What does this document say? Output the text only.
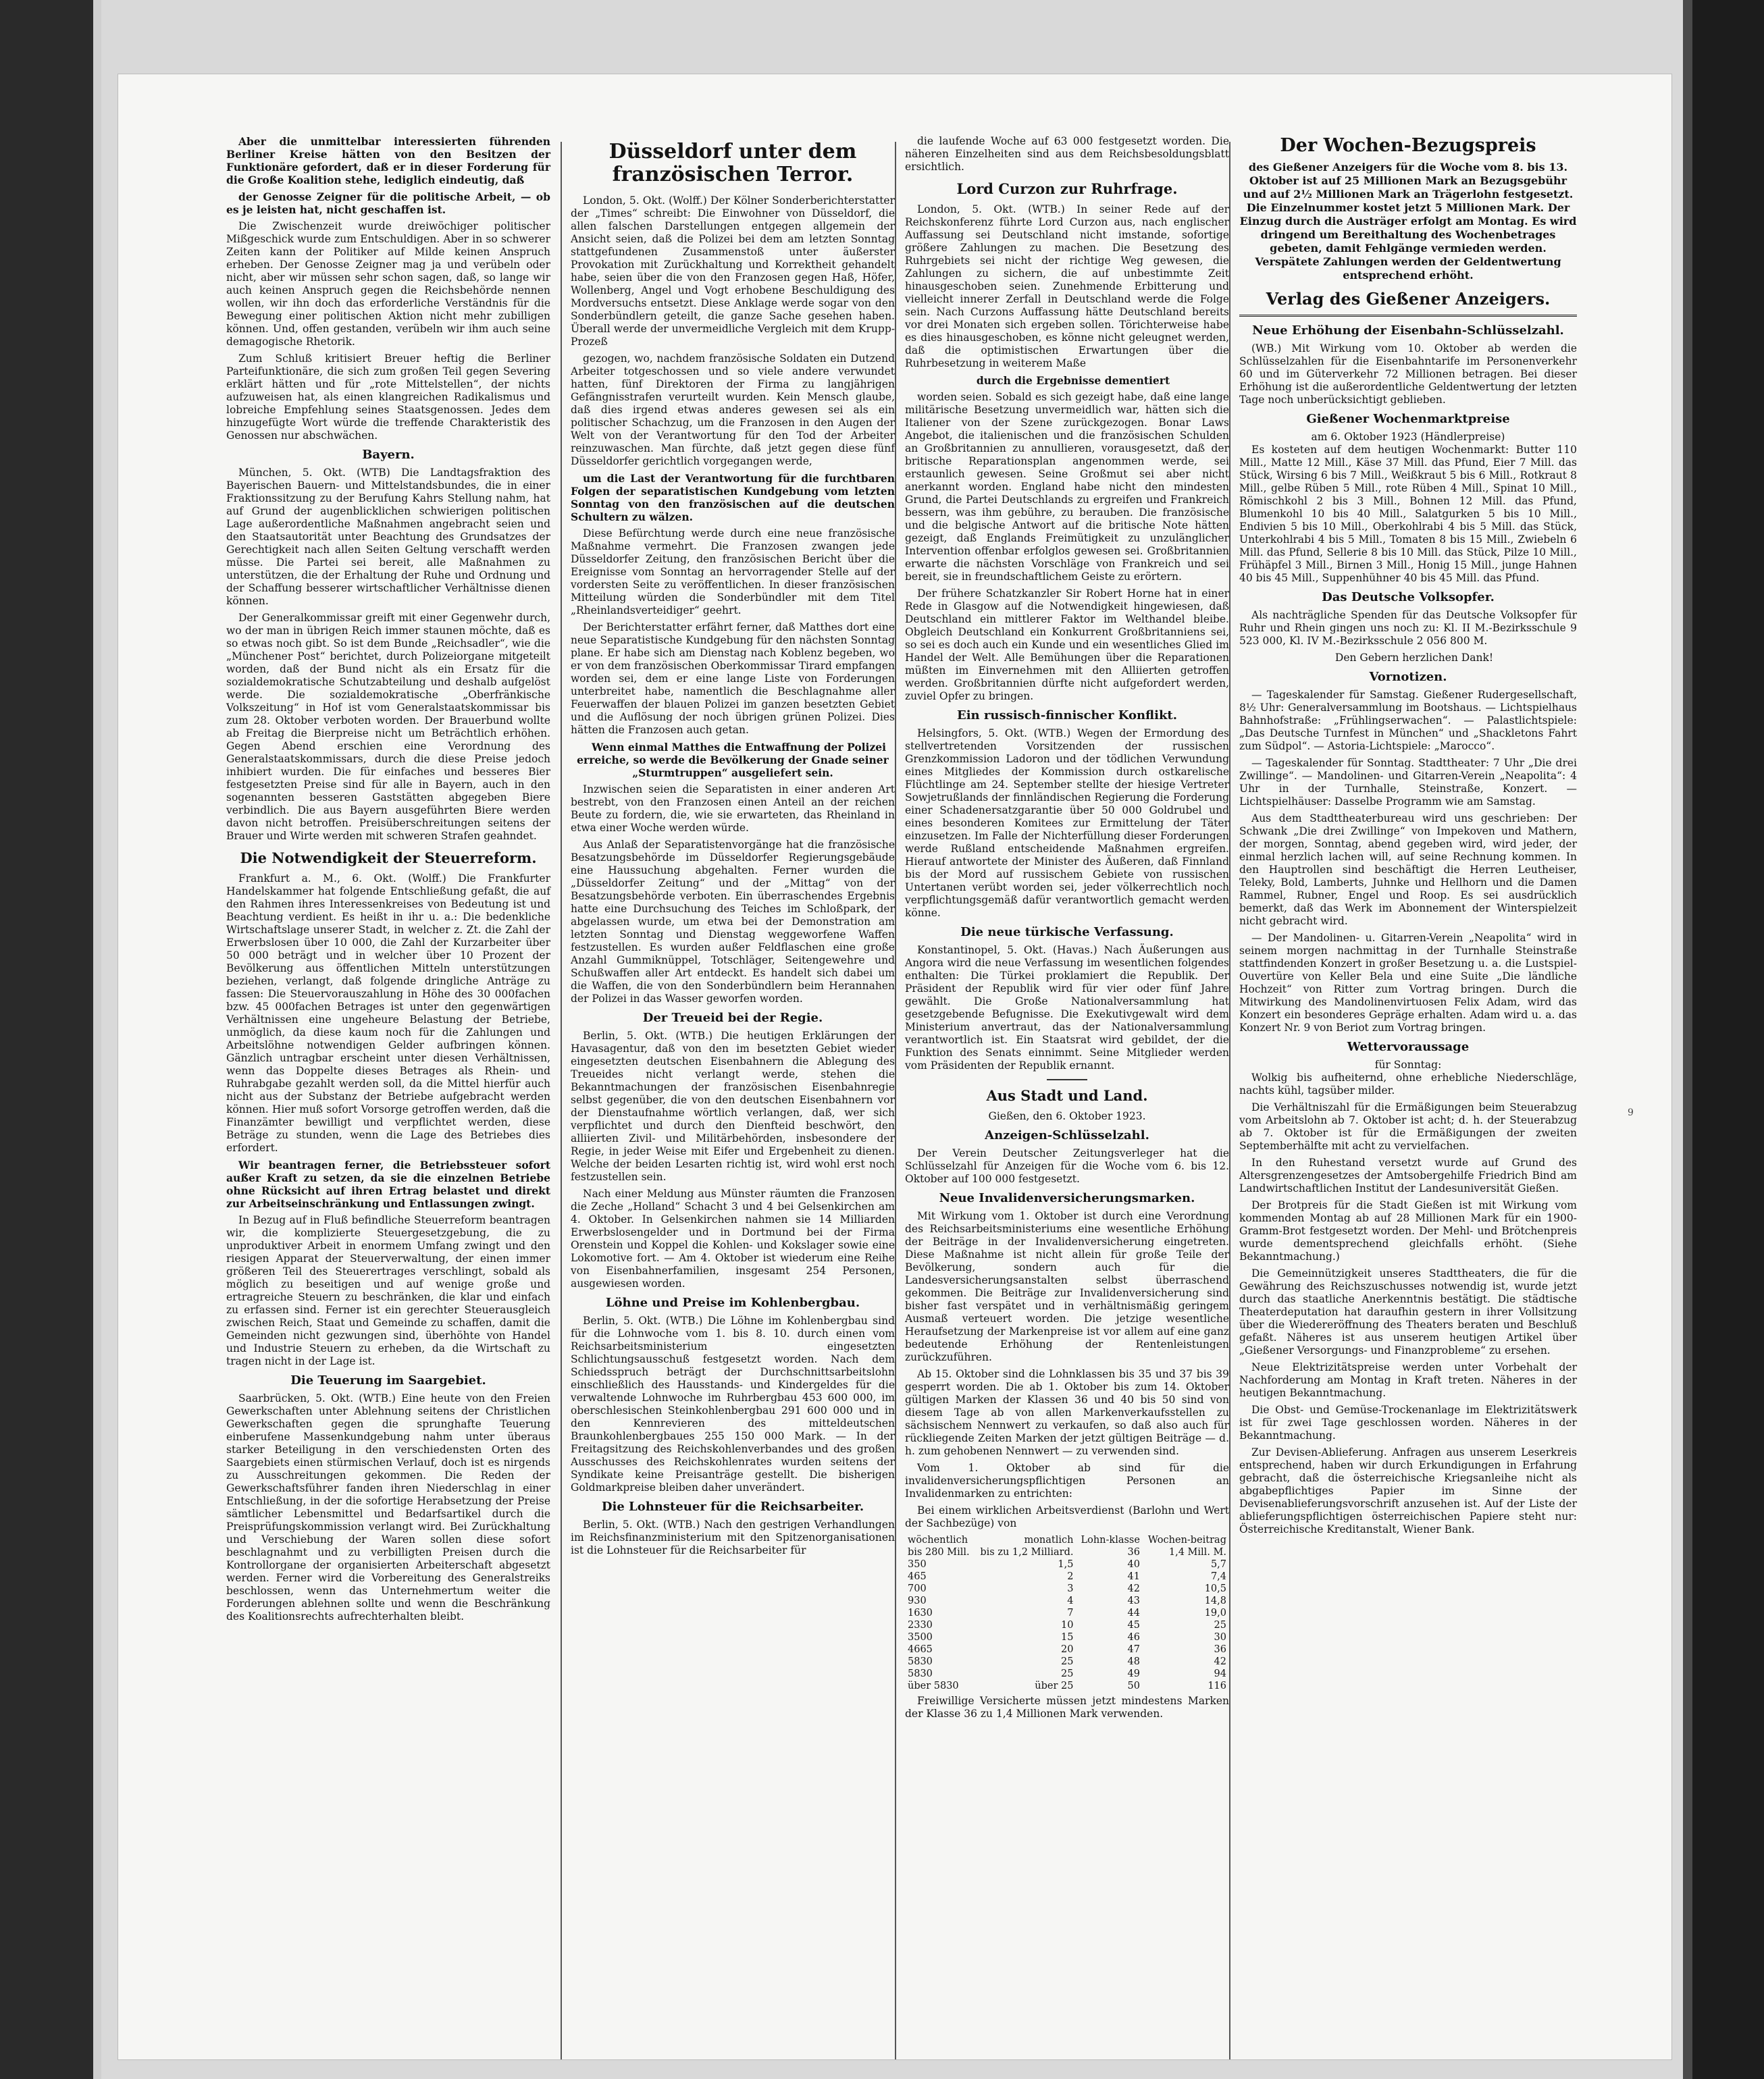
Aber die unmittelbar interessierten führenden Berliner Kreise hätten von den Besitzen der Funktionäre gefordert, daß er in dieser Forderung für die Große Koalition stehe, lediglich eindeutig, daß

der Genosse Zeigner für die politische Arbeit, — ob es je leisten hat, nicht geschaffen ist.

Die Zwischenzeit wurde dreiwöchiger politischer Mißgeschick wurde zum Entschuldigen. Aber in so schwerer Zeiten kann der Politiker auf Milde keinen Anspruch erheben. Der Genosse Zeigner mag ja und verübeln oder nicht, aber wir müssen sehr schon sagen, daß, so lange wir auch keinen Anspruch gegen die Reichsbehörde nennen wollen, wir ihn doch das erforderliche Verständnis für die Bewegung einer politischen Aktion nicht mehr zubilligen können. Und, offen gestanden, verübeln wir ihm auch seine demagogische Rhetorik.

Zum Schluß kritisiert Breuer heftig die Berliner Parteifunktionäre, die sich zum großen Teil gegen Severing erklärt hätten und für „rote Mittelstellen“, der nichts aufzuweisen hat, als einen klangreichen Radikalismus und lobreiche Empfehlung seines Staatsgenossen. Jedes dem hinzugefügte Wort würde die treffende Charakteristik des Genossen nur abschwächen.

Bayern.

München, 5. Okt. (WTB) Die Landtagsfraktion des Bayerischen Bauern- und Mittelstandsbundes, die in einer Fraktionssitzung zu der Berufung Kahrs Stellung nahm, hat auf Grund der augenblicklichen schwierigen politischen Lage außerordentliche Maßnahmen angebracht seien und den Staatsautorität unter Beachtung des Grundsatzes der Gerechtigkeit nach allen Seiten Geltung verschafft werden müsse. Die Partei sei bereit, alle Maßnahmen zu unterstützen, die der Erhaltung der Ruhe und Ordnung und der Schaffung besserer wirtschaftlicher Verhältnisse dienen können.

Der Generalkommissar greift mit einer Gegenwehr durch, wo der man in übrigen Reich immer staunen möchte, daß es so etwas noch gibt. So ist dem Bunde „Reichsadler“, wie die „Münchener Post“ berichtet, durch Polizeiorgane mitgeteilt worden, daß der Bund nicht als ein Ersatz für die sozialdemokratische Schutzabteilung und deshalb aufgelöst werde. Die sozialdemokratische „Oberfränkische Volkszeitung“ in Hof ist vom Generalstaatskommissar bis zum 28. Oktober verboten worden. Der Brauerbund wollte ab Freitag die Bierpreise nicht um Beträchtlich erhöhen. Gegen Abend erschien eine Verordnung des Generalstaatskommissars, durch die diese Preise jedoch inhibiert wurden. Die für einfaches und besseres Bier festgesetzten Preise sind für alle in Bayern, auch in den sogenannten besseren Gaststätten abgegeben Biere verbindlich. Die aus Bayern ausgeführten Biere werden davon nicht betroffen. Preisüberschreitungen seitens der Brauer und Wirte werden mit schweren Strafen geahndet.

Die Notwendigkeit der Steuerreform.

Frankfurt a. M., 6. Okt. (Wolff.) Die Frankfurter Handelskammer hat folgende Entschließung gefaßt, die auf den Rahmen ihres Interessenkreises von Bedeutung ist und Beachtung verdient. Es heißt in ihr u. a.: Die bedenkliche Wirtschaftslage unserer Stadt, in welcher z. Zt. die Zahl der Erwerbslosen über 10 000, die Zahl der Kurzarbeiter über 50 000 beträgt und in welcher über 10 Prozent der Bevölkerung aus öffentlichen Mitteln unterstützungen beziehen, verlangt, daß folgende dringliche Anträge zu fassen: Die Steuervorauszahlung in Höhe des 30 000fachen bzw. 45 000fachen Betrages ist unter den gegenwärtigen Verhältnissen eine ungeheure Belastung der Betriebe, unmöglich, da diese kaum noch für die Zahlungen und Arbeitslöhne notwendigen Gelder aufbringen können. Gänzlich untragbar erscheint unter diesen Verhältnissen, wenn das Doppelte dieses Betrages als Rhein- und Ruhrabgabe gezahlt werden soll, da die Mittel hierfür auch nicht aus der Substanz der Betriebe aufgebracht werden können. Hier muß sofort Vorsorge getroffen werden, daß die Finanzämter bewilligt und verpflichtet werden, diese Beträge zu stunden, wenn die Lage des Betriebes dies erfordert.

Wir beantragen ferner, die Betriebssteuer sofort außer Kraft zu setzen, da sie die einzelnen Betriebe ohne Rücksicht auf ihren Ertrag belastet und direkt zur Arbeitseinschränkung und Entlassungen zwingt.

In Bezug auf in Fluß befindliche Steuerreform beantragen wir, die komplizierte Steuergesetzgebung, die zu unproduktiver Arbeit in enormem Umfang zwingt und den riesigen Apparat der Steuerverwaltung, der einen immer größeren Teil des Steuerertrages verschlingt, sobald als möglich zu beseitigen und auf wenige große und ertragreiche Steuern zu beschränken, die klar und einfach zu erfassen sind. Ferner ist ein gerechter Steuerausgleich zwischen Reich, Staat und Gemeinde zu schaffen, damit die Gemeinden nicht gezwungen sind, überhöhte von Handel und Industrie Steuern zu erheben, da die Wirtschaft zu tragen nicht in der Lage ist.

Die Teuerung im Saargebiet.

Saarbrücken, 5. Okt. (WTB.) Eine heute von den Freien Gewerkschaften unter Ablehnung seitens der Christlichen Gewerkschaften gegen die sprunghafte Teuerung einberufene Massenkundgebung nahm unter überaus starker Beteiligung in den verschiedensten Orten des Saargebiets einen stürmischen Verlauf, doch ist es nirgends zu Ausschreitungen gekommen. Die Reden der Gewerkschaftsführer fanden ihren Niederschlag in einer Entschließung, in der die sofortige Herabsetzung der Preise sämtlicher Lebensmittel und Bedarfsartikel durch die Preisprüfungskommission verlangt wird. Bei Zurückhaltung und Verschiebung der Waren sollen diese sofort beschlagnahmt und zu verbilligten Preisen durch die Kontrollorgane der organisierten Arbeiterschaft abgesetzt werden. Ferner wird die Vorbereitung des Generalstreiks beschlossen, wenn das Unternehmertum weiter die Forderungen ablehnen sollte und wenn die Beschränkung des Koalitionsrechts aufrechterhalten bleibt.

Düsseldorf unter dem französischen Terror.

London, 5. Okt. (Wolff.) Der Kölner Sonderberichterstatter der „Times“ schreibt: Die Einwohner von Düsseldorf, die allen falschen Darstellungen entgegen allgemein der Ansicht seien, daß die Polizei bei dem am letzten Sonntag stattgefundenen Zusammenstoß unter äußerster Provokation mit Zurückhaltung und Korrektheit gehandelt habe, seien über die von den Franzosen gegen Haß, Höfer, Wollenberg, Angel und Vogt erhobene Beschuldigung des Mordversuchs entsetzt. Diese Anklage werde sogar von den Sonderbündlern geteilt, die ganze Sache gesehen haben. Überall werde der unvermeidliche Vergleich mit dem Krupp-Prozeß

gezogen, wo, nachdem französische Soldaten ein Dutzend Arbeiter totgeschossen und so viele andere verwundet hatten, fünf Direktoren der Firma zu langjährigen Gefängnisstrafen verurteilt wurden. Kein Mensch glaube, daß dies irgend etwas anderes gewesen sei als ein politischer Schachzug, um die Franzosen in den Augen der Welt von der Verantwortung für den Tod der Arbeiter reinzuwaschen. Man fürchte, daß jetzt gegen diese fünf Düsseldorfer gerichtlich vorgegangen werde,

um die Last der Verantwortung für die furchtbaren Folgen der separatistischen Kundgebung vom letzten Sonntag von den französischen auf die deutschen Schultern zu wälzen.

Diese Befürchtung werde durch eine neue französische Maßnahme vermehrt. Die Franzosen zwangen jede Düsseldorfer Zeitung, den französischen Bericht über die Ereignisse vom Sonntag an hervorragender Stelle auf der vordersten Seite zu veröffentlichen. In dieser französischen Mitteilung würden die Sonderbündler mit dem Titel „Rheinlandsverteidiger“ geehrt.

Der Berichterstatter erfährt ferner, daß Matthes dort eine neue Separatistische Kundgebung für den nächsten Sonntag plane. Er habe sich am Dienstag nach Koblenz begeben, wo er von dem französischen Oberkommissar Tirard empfangen worden sei, dem er eine lange Liste von Forderungen unterbreitet habe, namentlich die Beschlagnahme aller Feuerwaffen der blauen Polizei im ganzen besetzten Gebiet und die Auflösung der noch übrigen grünen Polizei. Dies hätten die Franzosen auch getan.

Wenn einmal Matthes die Entwaffnung der Polizei erreiche, so werde die Bevölkerung der Gnade seiner „Sturmtruppen“ ausgeliefert sein.

Inzwischen seien die Separatisten in einer anderen Art bestrebt, von den Franzosen einen Anteil an der reichen Beute zu fordern, die, wie sie erwarteten, das Rheinland in etwa einer Woche werden würde.

Aus Anlaß der Separatistenvorgänge hat die französische Besatzungsbehörde im Düsseldorfer Regierungsgebäude eine Haussuchung abgehalten. Ferner wurden die „Düsseldorfer Zeitung“ und der „Mittag“ von der Besatzungsbehörde verboten. Ein überraschendes Ergebnis hatte eine Durchsuchung des Teiches im Schloßpark, der abgelassen wurde, um etwa bei der Demonstration am letzten Sonntag und Dienstag weggeworfene Waffen festzustellen. Es wurden außer Feldflaschen eine große Anzahl Gummiknüppel, Totschläger, Seitengewehre und Schußwaffen aller Art entdeckt. Es handelt sich dabei um die Waffen, die von den Sonderbündlern beim Herannahen der Polizei in das Wasser geworfen worden.

Der Treueid bei der Regie.

Berlin, 5. Okt. (WTB.) Die heutigen Erklärungen der Havasagentur, daß von den im besetzten Gebiet wieder eingesetzten deutschen Eisenbahnern die Ablegung des Treueides nicht verlangt werde, stehen die Bekanntmachungen der französischen Eisenbahnregie selbst gegenüber, die von den deutschen Eisenbahnern vor der Dienstaufnahme wörtlich verlangen, daß, wer sich verpflichtet und durch den Dienfteid beschwört, den alliierten Zivil- und Militärbehörden, insbesondere der Regie, in jeder Weise mit Eifer und Ergebenheit zu dienen. Welche der beiden Lesarten richtig ist, wird wohl erst noch festzustellen sein.

Nach einer Meldung aus Münster räumten die Franzosen die Zeche „Holland“ Schacht 3 und 4 bei Gelsenkirchen am 4. Oktober. In Gelsenkirchen nahmen sie 14 Milliarden Erwerbslosengelder und in Dortmund bei der Firma Orenstein und Koppel die Kohlen- und Kokslager sowie eine Lokomotive fort. — Am 4. Oktober ist wiederum eine Reihe von Eisenbahnerfamilien, insgesamt 254 Personen, ausgewiesen worden.

Löhne und Preise im Kohlenbergbau.

Berlin, 5. Okt. (WTB.) Die Löhne im Kohlenbergbau sind für die Lohnwoche vom 1. bis 8. 10. durch einen vom Reichsarbeitsministerium eingesetzten Schlichtungsausschuß festgesetzt worden. Nach dem Schiedsspruch beträgt der Durchschnittsarbeitslohn einschließlich des Hausstands- und Kindergeldes für die verwaltende Lohnwoche im Ruhrbergbau 453 600 000, im oberschlesischen Steinkohlenbergbau 291 600 000 und in den Kennrevieren des mitteldeutschen Braunkohlenbergbaues 255 150 000 Mark. — In der Freitagsitzung des Reichskohlenverbandes und des großen Ausschusses des Reichskohlenrates wurden seitens der Syndikate keine Preisanträge gestellt. Die bisherigen Goldmarkpreise bleiben daher unverändert.

Die Lohnsteuer für die Reichsarbeiter.

Berlin, 5. Okt. (WTB.) Nach den gestrigen Verhandlungen im Reichsfinanzministerium mit den Spitzenorganisationen ist die Lohnsteuer für die Reichsarbeiter für

die laufende Woche auf 63 000 festgesetzt worden. Die näheren Einzelheiten sind aus dem Reichsbesoldungsblatt ersichtlich.

Lord Curzon zur Ruhrfrage.

London, 5. Okt. (WTB.) In seiner Rede auf der Reichskonferenz führte Lord Curzon aus, nach englischer Auffassung sei Deutschland nicht imstande, sofortige größere Zahlungen zu machen. Die Besetzung des Ruhrgebiets sei nicht der richtige Weg gewesen, die Zahlungen zu sichern, die auf unbestimmte Zeit hinausgeschoben seien. Zunehmende Erbitterung und vielleicht innerer Zerfall in Deutschland werde die Folge sein. Nach Curzons Auffassung hätte Deutschland bereits vor drei Monaten sich ergeben sollen. Törichterweise habe es dies hinausgeschoben, es könne nicht geleugnet werden, daß die optimistischen Erwartungen über die Ruhrbesetzung in weiterem Maße

durch die Ergebnisse dementiert

worden seien. Sobald es sich gezeigt habe, daß eine lange militärische Besetzung unvermeidlich war, hätten sich die Italiener von der Szene zurückgezogen. Bonar Laws Angebot, die italienischen und die französischen Schulden an Großbritannien zu annullieren, vorausgesetzt, daß der britische Reparationsplan angenommen werde, sei erstaunlich gewesen. Seine Großmut sei aber nicht anerkannt worden. England habe nicht den mindesten Grund, die Partei Deutschlands zu ergreifen und Frankreich bessern, was ihm gebühre, zu berauben. Die französische und die belgische Antwort auf die britische Note hätten gezeigt, daß Englands Freimütigkeit zu unzulänglicher Intervention offenbar erfolglos gewesen sei. Großbritannien erwarte die nächsten Vorschläge von Frankreich und sei bereit, sie in freundschaftlichem Geiste zu erörtern.

Der frühere Schatzkanzler Sir Robert Horne hat in einer Rede in Glasgow auf die Notwendigkeit hingewiesen, daß Deutschland ein mittlerer Faktor im Welthandel bleibe. Obgleich Deutschland ein Konkurrent Großbritanniens sei, so sei es doch auch ein Kunde und ein wesentliches Glied im Handel der Welt. Alle Bemühungen über die Reparationen müßten im Einvernehmen mit den Alliierten getroffen werden. Großbritannien dürfte nicht aufgefordert werden, zuviel Opfer zu bringen.

Ein russisch-finnischer Konflikt.

Helsingfors, 5. Okt. (WTB.) Wegen der Ermordung des stellvertretenden Vorsitzenden der russischen Grenzkommission Ladoron und der tödlichen Verwundung eines Mitgliedes der Kommission durch ostkarelische Flüchtlinge am 24. September stellte der hiesige Vertreter Sowjetrußlands der finnländischen Regierung die Forderung einer Schadenersatzgarantie über 50 000 Goldrubel und eines besonderen Komitees zur Ermittelung der Täter einzusetzen. Im Falle der Nichterfüllung dieser Forderungen werde Rußland entscheidende Maßnahmen ergreifen. Hierauf antwortete der Minister des Äußeren, daß Finnland bis der Mord auf russischem Gebiete von russischen Untertanen verübt worden sei, jeder völkerrechtlich noch verpflichtungsgemäß dafür verantwortlich gemacht werden könne.

Die neue türkische Verfassung.

Konstantinopel, 5. Okt. (Havas.) Nach Äußerungen aus Angora wird die neue Verfassung im wesentlichen folgendes enthalten: Die Türkei proklamiert die Republik. Der Präsident der Republik wird für vier oder fünf Jahre gewählt. Die Große Nationalversammlung hat gesetzgebende Befugnisse. Die Exekutivgewalt wird dem Ministerium anvertraut, das der Nationalversammlung verantwortlich ist. Ein Staatsrat wird gebildet, der die Funktion des Senats einnimmt. Seine Mitglieder werden vom Präsidenten der Republik ernannt.

Aus Stadt und Land.
Gießen, den 6. Oktober 1923.
Anzeigen-Schlüsselzahl.

Der Verein Deutscher Zeitungsverleger hat die Schlüsselzahl für Anzeigen für die Woche vom 6. bis 12. Oktober auf 100 000 festgesetzt.

Neue Invalidenversicherungsmarken.

Mit Wirkung vom 1. Oktober ist durch eine Verordnung des Reichsarbeitsministeriums eine wesentliche Erhöhung der Beiträge in der Invalidenversicherung eingetreten. Diese Maßnahme ist nicht allein für große Teile der Bevölkerung, sondern auch für die Landesversicherungsanstalten selbst überraschend gekommen. Die Beiträge zur Invalidenversicherung sind bisher fast verspätet und in verhältnismäßig geringem Ausmaß verteuert worden. Die jetzige wesentliche Heraufsetzung der Markenpreise ist vor allem auf eine ganz bedeutende Erhöhung der Rentenleistungen zurückzuführen.

Ab 15. Oktober sind die Lohnklassen bis 35 und 37 bis 39 gesperrt worden. Die ab 1. Oktober bis zum 14. Oktober gültigen Marken der Klassen 36 und 40 bis 50 sind von diesem Tage ab von allen Markenverkaufsstellen zu sächsischem Nennwert zu verkaufen, so daß also auch für rückliegende Zeiten Marken der jetzt gültigen Beiträge — d. h. zum gehobenen Nennwert — zu verwenden sind.

Vom 1. Oktober ab sind für die invalidenversicherungspflichtigen Personen an Invalidenmarken zu entrichten:

Bei einem wirklichen Arbeitsverdienst (Barlohn und Wert der Sachbezüge) von

wöchentlich	monatlich	Lohn-klasse	Wochen-beitrag
bis 280 Mill.	bis zu 1,2 Milliard.	36	1,4 Mill. M.
350	1,5	40	5,7
465	2	41	7,4
700	3	42	10,5
930	4	43	14,8
1630	7	44	19,0
2330	10	45	25
3500	15	46	30
4665	20	47	36
5830	25	48	42
5830	25	49	94
über 5830	über 25	50	116

Freiwillige Versicherte müssen jetzt mindestens Marken der Klasse 36 zu 1,4 Millionen Mark verwenden.

Der Wochen-Bezugspreis
des Gießener Anzeigers für die Woche vom 8. bis 13. Oktober ist auf 25 Millionen Mark an Bezugsgebühr und auf 2½ Millionen Mark an Trägerlohn festgesetzt. Die Einzelnummer kostet jetzt 5 Millionen Mark. Der Einzug durch die Austräger erfolgt am Montag. Es wird dringend um Bereithaltung des Wochenbetrages gebeten, damit Fehlgänge vermieden werden. Verspätete Zahlungen werden der Geldentwertung entsprechend erhöht.
Verlag des Gießener Anzeigers.
Neue Erhöhung der Eisenbahn-Schlüsselzahl.

(WB.) Mit Wirkung vom 10. Oktober ab werden die Schlüsselzahlen für die Eisenbahntarife im Personenverkehr 60 und im Güterverkehr 72 Millionen betragen. Bei dieser Erhöhung ist die außerordentliche Geldentwertung der letzten Tage noch unberücksichtigt geblieben.

Gießener Wochenmarktpreise
am 6. Oktober 1923 (Händlerpreise)

Es kosteten auf dem heutigen Wochenmarkt: Butter 110 Mill., Matte 12 Mill., Käse 37 Mill. das Pfund, Eier 7 Mill. das Stück, Wirsing 6 bis 7 Mill., Weißkraut 5 bis 6 Mill., Rotkraut 8 Mill., gelbe Rüben 5 Mill., rote Rüben 4 Mill., Spinat 10 Mill., Römischkohl 2 bis 3 Mill., Bohnen 12 Mill. das Pfund, Blumenkohl 10 bis 40 Mill., Salatgurken 5 bis 10 Mill., Endivien 5 bis 10 Mill., Oberkohlrabi 4 bis 5 Mill. das Stück, Unterkohlrabi 4 bis 5 Mill., Tomaten 8 bis 15 Mill., Zwiebeln 6 Mill. das Pfund, Sellerie 8 bis 10 Mill. das Stück, Pilze 10 Mill., Frühäpfel 3 Mill., Birnen 3 Mill., Honig 15 Mill., junge Hahnen 40 bis 45 Mill., Suppenhühner 40 bis 45 Mill. das Pfund.

Das Deutsche Volksopfer.

Als nachträgliche Spenden für das Deutsche Volksopfer für Ruhr und Rhein gingen uns noch zu: Kl. II M.-Bezirksschule 9 523 000, Kl. IV M.-Bezirksschule 2 056 800 M.

Den Gebern herzlichen Dank!

Vornotizen.

— Tageskalender für Samstag. Gießener Rudergesellschaft, 8½ Uhr: Generalversammlung im Bootshaus. — Lichtspielhaus Bahnhofstraße: „Frühlingserwachen“. — Palastlichtspiele: „Das Deutsche Turnfest in München“ und „Shackletons Fahrt zum Südpol“. — Astoria-Lichtspiele: „Marocco“.

— Tageskalender für Sonntag. Stadttheater: 7 Uhr „Die drei Zwillinge“. — Mandolinen- und Gitarren-Verein „Neapolita“: 4 Uhr in der Turnhalle, Steinstraße, Konzert. — Lichtspielhäuser: Dasselbe Programm wie am Samstag.

Aus dem Stadttheaterbureau wird uns geschrieben: Der Schwank „Die drei Zwillinge“ von Impekoven und Mathern, der morgen, Sonntag, abend gegeben wird, wird jeder, der einmal herzlich lachen will, auf seine Rechnung kommen. In den Hauptrollen sind beschäftigt die Herren Leutheiser, Teleky, Bold, Lamberts, Juhnke und Hellhorn und die Damen Rammel, Rubner, Engel und Roop. Es sei ausdrücklich bemerkt, daß das Werk im Abonnement der Winterspielzeit nicht gebracht wird.

— Der Mandolinen- u. Gitarren-Verein „Neapolita“ wird in seinem morgen nachmittag in der Turnhalle Steinstraße stattfindenden Konzert in großer Besetzung u. a. die Lustspiel-Ouvertüre von Keller Bela und eine Suite „Die ländliche Hochzeit“ von Ritter zum Vortrag bringen. Durch die Mitwirkung des Mandolinenvirtuosen Felix Adam, wird das Konzert ein besonderes Gepräge erhalten. Adam wird u. a. das Konzert Nr. 9 von Beriot zum Vortrag bringen.

Wettervoraussage
für Sonntag:

Wolkig bis aufheiternd, ohne erhebliche Niederschläge, nachts kühl, tagsüber milder.

Die Verhältniszahl für die Ermäßigungen beim Steuerabzug vom Arbeitslohn ab 7. Oktober ist acht; d. h. der Steuerabzug ab 7. Oktober ist für die Ermäßigungen der zweiten Septemberhälfte mit acht zu vervielfachen.

In den Ruhestand versetzt wurde auf Grund des Altersgrenzengesetzes der Amtsobergehilfe Friedrich Bind am Landwirtschaftlichen Institut der Landesuniversität Gießen.

Der Brotpreis für die Stadt Gießen ist mit Wirkung vom kommenden Montag ab auf 28 Millionen Mark für ein 1900-Gramm-Brot festgesetzt worden. Der Mehl- und Brötchenpreis wurde dementsprechend gleichfalls erhöht. (Siehe Bekanntmachung.)

Die Gemeinnützigkeit unseres Stadttheaters, die für die Gewährung des Reichszuschusses notwendig ist, wurde jetzt durch das staatliche Anerkenntnis bestätigt. Die städtische Theaterdeputation hat daraufhin gestern in ihrer Vollsitzung über die Wiedereröffnung des Theaters beraten und Beschluß gefaßt. Näheres ist aus unserem heutigen Artikel über „Gießener Versorgungs- und Finanzprobleme“ zu ersehen.

Neue Elektrizitätspreise werden unter Vorbehalt der Nachforderung am Montag in Kraft treten. Näheres in der heutigen Bekanntmachung.

Die Obst- und Gemüse-Trockenanlage im Elektrizitätswerk ist für zwei Tage geschlossen worden. Näheres in der Bekanntmachung.

Zur Devisen-Ablieferung. Anfragen aus unserem Leserkreis entsprechend, haben wir durch Erkundigungen in Erfahrung gebracht, daß die österreichische Kriegsanleihe nicht als abgabepflichtiges Papier im Sinne der Devisenablieferungsvorschrift anzusehen ist. Auf der Liste der ablieferungspflichtigen österreichischen Papiere steht nur: Österreichische Kreditanstalt, Wiener Bank.

9
